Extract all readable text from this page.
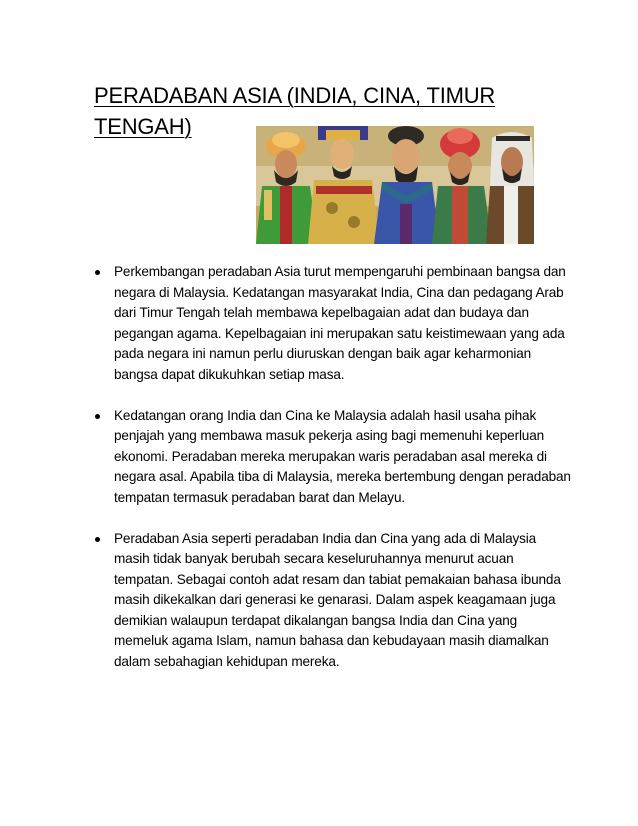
PERADABAN ASIA (INDIA, CINA, TIMUR TENGAH)
Perkembangan peradaban Asia turut mempengaruhi pembinaan bangsa dan negara di Malaysia. Kedatangan masyarakat India, Cina dan pedagang Arab dari Timur Tengah telah membawa kepelbagaian adat dan budaya dan pegangan agama. Kepelbagaian ini merupakan satu keistimewaan yang ada pada negara ini namun perlu diuruskan dengan baik agar keharmonian bangsa dapat dikukuhkan setiap masa.
Kedatangan orang India dan Cina ke Malaysia adalah hasil usaha pihak penjajah yang membawa masuk pekerja asing bagi memenuhi keperluan ekonomi. Peradaban mereka merupakan waris peradaban asal mereka di negara asal. Apabila tiba di Malaysia, mereka bertembung dengan peradaban tempatan termasuk peradaban barat dan Melayu.
Peradaban Asia seperti peradaban India dan Cina yang ada di Malaysia masih tidak banyak berubah secara keseluruhannya menurut acuan tempatan. Sebagai contoh adat resam dan tabiat pemakaian bahasa ibunda masih dikekalkan dari generasi ke genarasi. Dalam aspek keagamaan juga demikian walaupun terdapat dikalangan bangsa India dan Cina yang memeluk agama Islam, namun bahasa dan kebudayaan masih diamalkan dalam sebahagian kehidupan mereka.
